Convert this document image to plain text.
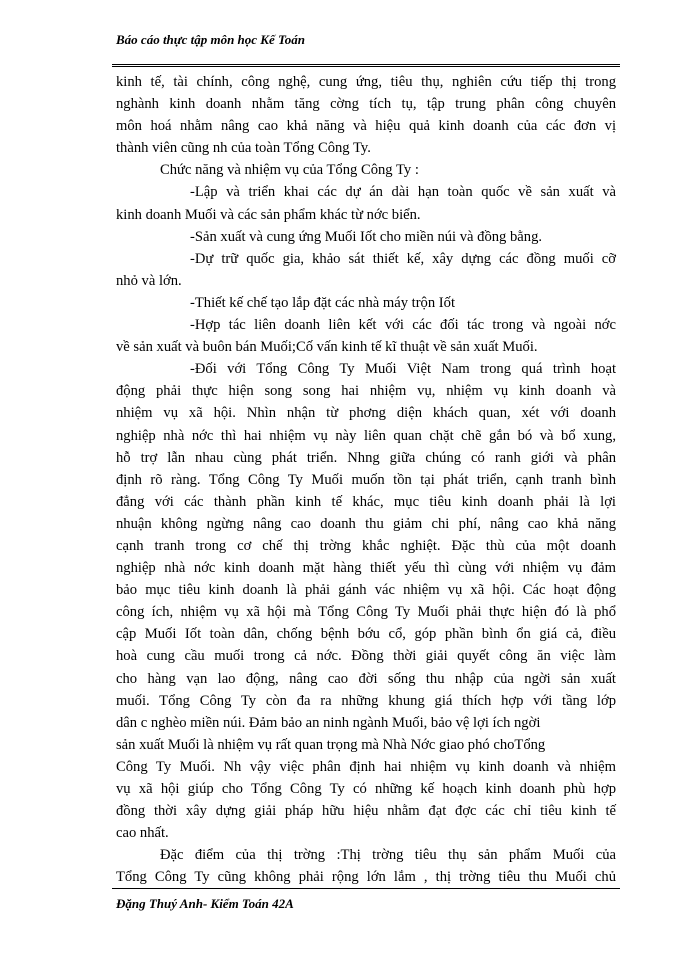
Báo cáo thực tập môn học Kế Toán
kinh tế, tài chính, công nghệ, cung ứng, tiêu thụ, nghiên cứu tiếp thị trong
nghành kinh doanh nhằm tăng cờng tích tụ, tập trung phân công chuyên
môn hoá nhằm nâng cao khả năng và hiệu quả kinh doanh của các đơn vị
thành viên cũng nh của toàn Tổng Công Ty.
Chức năng và nhiệm vụ của Tổng Công Ty :
-Lập và triển khai các dự án dài hạn toàn quốc về sản xuất và
kinh doanh Muối và các sản phẩm khác từ nớc biển.
-Sản xuất và cung ứng Muối Iốt cho miền núi và đồng bằng.
-Dự trữ quốc gia, khảo sát thiết kế, xây dựng các đồng muối cỡ
nhỏ và lớn.
-Thiết kế chế tạo lắp đặt các nhà máy trộn Iốt
-Hợp tác liên doanh liên kết với các đối tác trong và ngoài nớc
về sản xuất và buôn bán Muối;Cố vấn kinh tế kĩ thuật về sản xuất Muối.
-Đối với Tổng Công Ty Muối Việt Nam trong quá trình hoạt
động phải thực hiện song song hai nhiệm vụ, nhiệm vụ kinh doanh và
nhiệm vụ xã hội. Nhìn nhận từ phơng diện khách quan, xét với doanh
nghiệp nhà nớc thì hai nhiệm vụ này liên quan chặt chẽ gắn bó và bổ xung,
hỗ trợ lẫn nhau cùng phát triển. Nhng giữa chúng có ranh giới và phân
định rõ ràng. Tổng Công Ty Muối muốn tồn tại phát triển, cạnh tranh bình
đẳng với các thành phần kinh tế khác, mục tiêu kinh doanh phải là lợi
nhuận không ngừng nâng cao doanh thu giảm chi phí, nâng cao khả năng
cạnh tranh trong cơ chế thị trờng khắc nghiệt. Đặc thù của một doanh
nghiệp nhà nớc kinh doanh mặt hàng thiết yếu thì cùng với nhiệm vụ đảm
bảo mục tiêu kinh doanh là phải gánh vác nhiệm vụ xã hội. Các hoạt động
công ích, nhiệm vụ xã hội mà Tổng Công Ty Muối phải thực hiện đó là phổ
cập Muối Iốt toàn dân, chống bệnh bớu cổ, góp phần bình ổn giá cả, điều
hoà cung cầu muối trong cả nớc. Đồng thời giải quyết công ăn việc làm
cho hàng vạn lao động, nâng cao đời sống thu nhập của ngời sản xuất
muối. Tổng Công Ty còn đa ra những khung giá thích hợp với tầng lớp
dân c nghèo miền núi. Đảm bảo an ninh ngành Muối, bảo vệ lợi ích ngời
sản xuất Muối là nhiệm vụ rất quan trọng mà Nhà Nớc giao phó choTổng
Công Ty Muối. Nh vậy việc phân định hai nhiệm vụ kinh doanh và nhiệm
vụ xã hội giúp cho Tổng Công Ty có những kế hoạch kinh doanh phù hợp
đồng thời xây dựng giải pháp hữu hiệu nhằm đạt đợc các chỉ tiêu kinh tế
cao nhất.
Đặc điểm của thị trờng :Thị trờng tiêu thụ sản phẩm Muối của
Tổng Công Ty cũng không phải rộng lớn lắm , thị trờng tiêu thu Muối chủ
Đặng Thuý Anh- Kiểm Toán 42A
